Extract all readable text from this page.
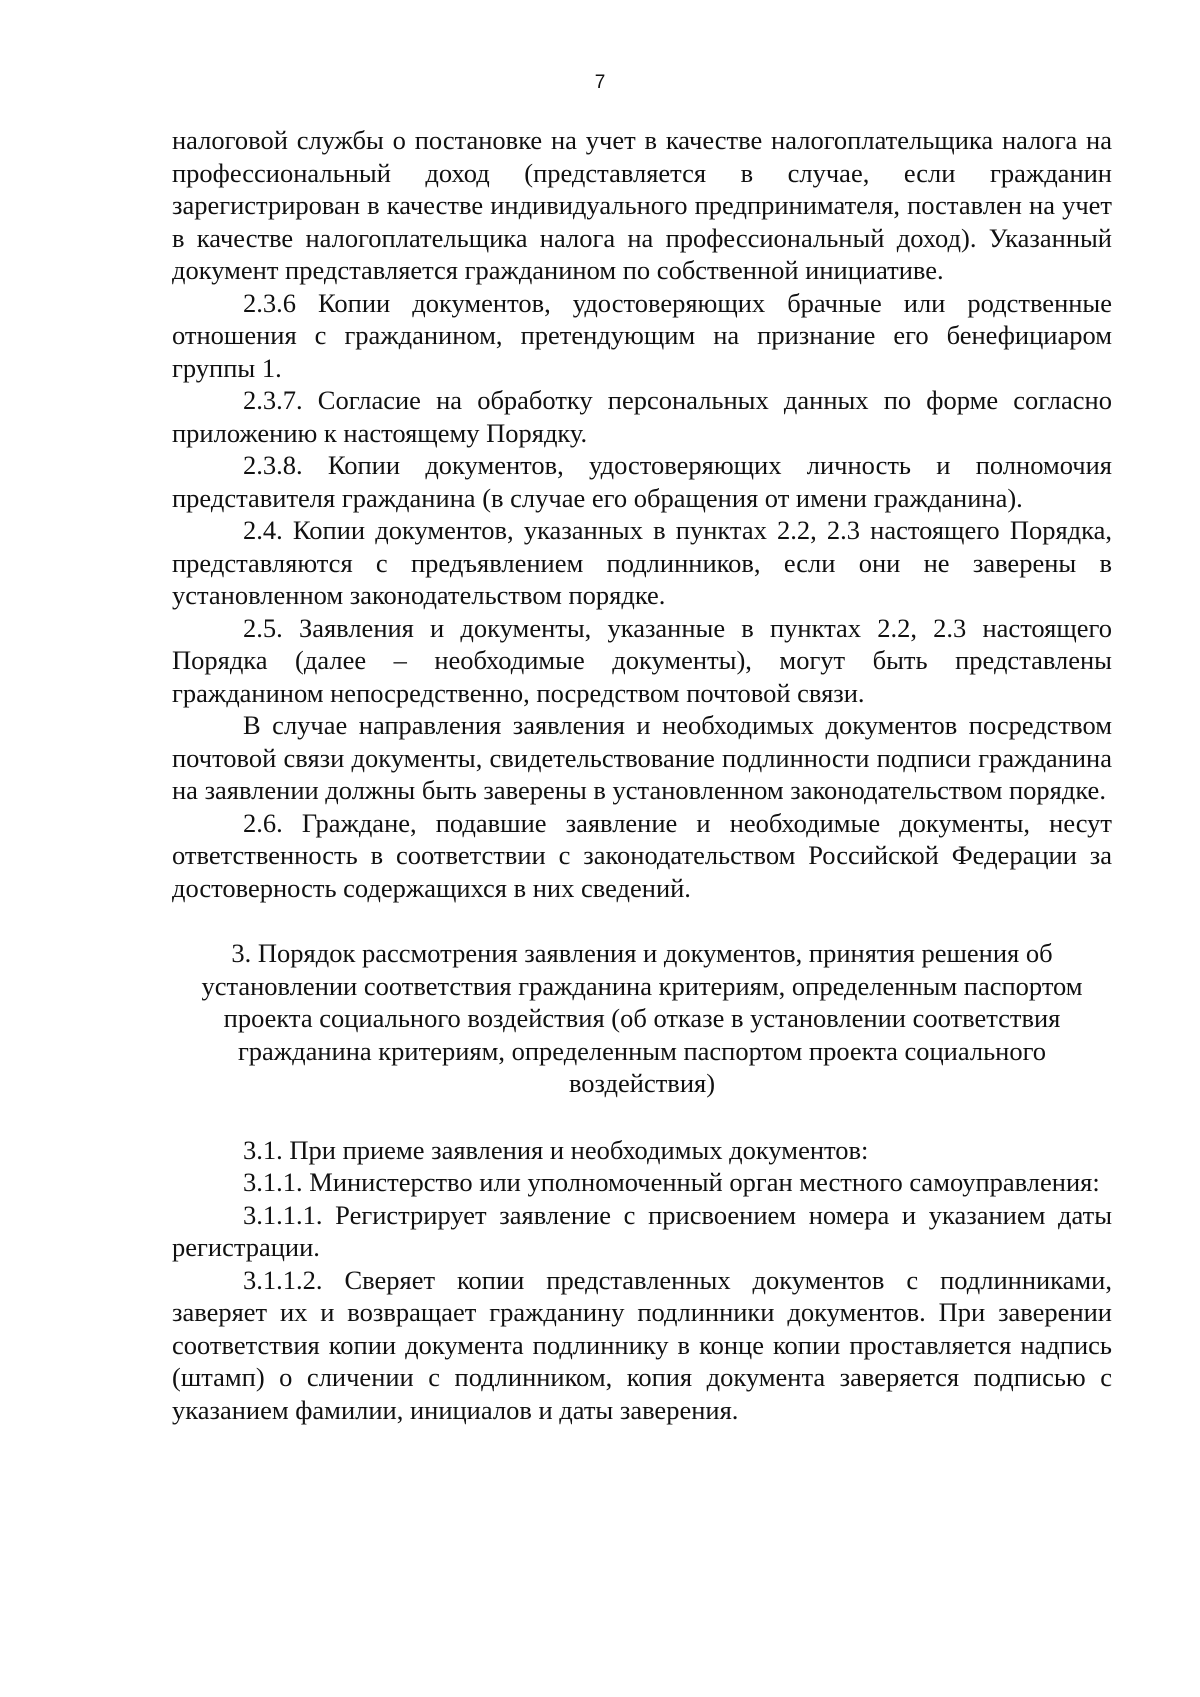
7

налоговой службы о постановке на учет в качестве налогоплательщика налога на профессиональный доход (представляется в случае, если гражданин зарегистрирован в качестве индивидуального предпринимателя, поставлен на учет в качестве налогоплательщика налога на профессиональный доход). Указанный документ представляется гражданином по собственной инициативе.

2.3.6 Копии документов, удостоверяющих брачные или родственные отношения с гражданином, претендующим на признание его бенефициаром группы 1.

2.3.7. Согласие на обработку персональных данных по форме согласно приложению к настоящему Порядку.

2.3.8. Копии документов, удостоверяющих личность и полномочия представителя гражданина (в случае его обращения от имени гражданина).

2.4. Копии документов, указанных в пунктах 2.2, 2.3 настоящего Порядка, представляются с предъявлением подлинников, если они не заверены в установленном законодательством порядке.

2.5. Заявления и документы, указанные в пунктах 2.2, 2.3 настоящего Порядка (далее – необходимые документы), могут быть представлены гражданином непосредственно, посредством почтовой связи.

В случае направления заявления и необходимых документов посредством почтовой связи документы, свидетельствование подлинности подписи гражданина на заявлении должны быть заверены в установленном законодательством порядке.

2.6. Граждане, подавшие заявление и необходимые документы, несут ответственность в соответствии с законодательством Российской Федерации за достоверность содержащихся в них сведений.

3. Порядок рассмотрения заявления и документов, принятия решения об установлении соответствия гражданина критериям, определенным паспортом проекта социального воздействия (об отказе в установлении соответствия гражданина критериям, определенным паспортом проекта социального воздействия)

3.1. При приеме заявления и необходимых документов:

3.1.1. Министерство или уполномоченный орган местного самоуправления:

3.1.1.1. Регистрирует заявление с присвоением номера и указанием даты регистрации.

3.1.1.2. Сверяет копии представленных документов с подлинниками, заверяет их и возвращает гражданину подлинники документов. При заверении соответствия копии документа подлиннику в конце копии проставляется надпись (штамп) о сличении с подлинником, копия документа заверяется подписью с указанием фамилии, инициалов и даты заверения.
